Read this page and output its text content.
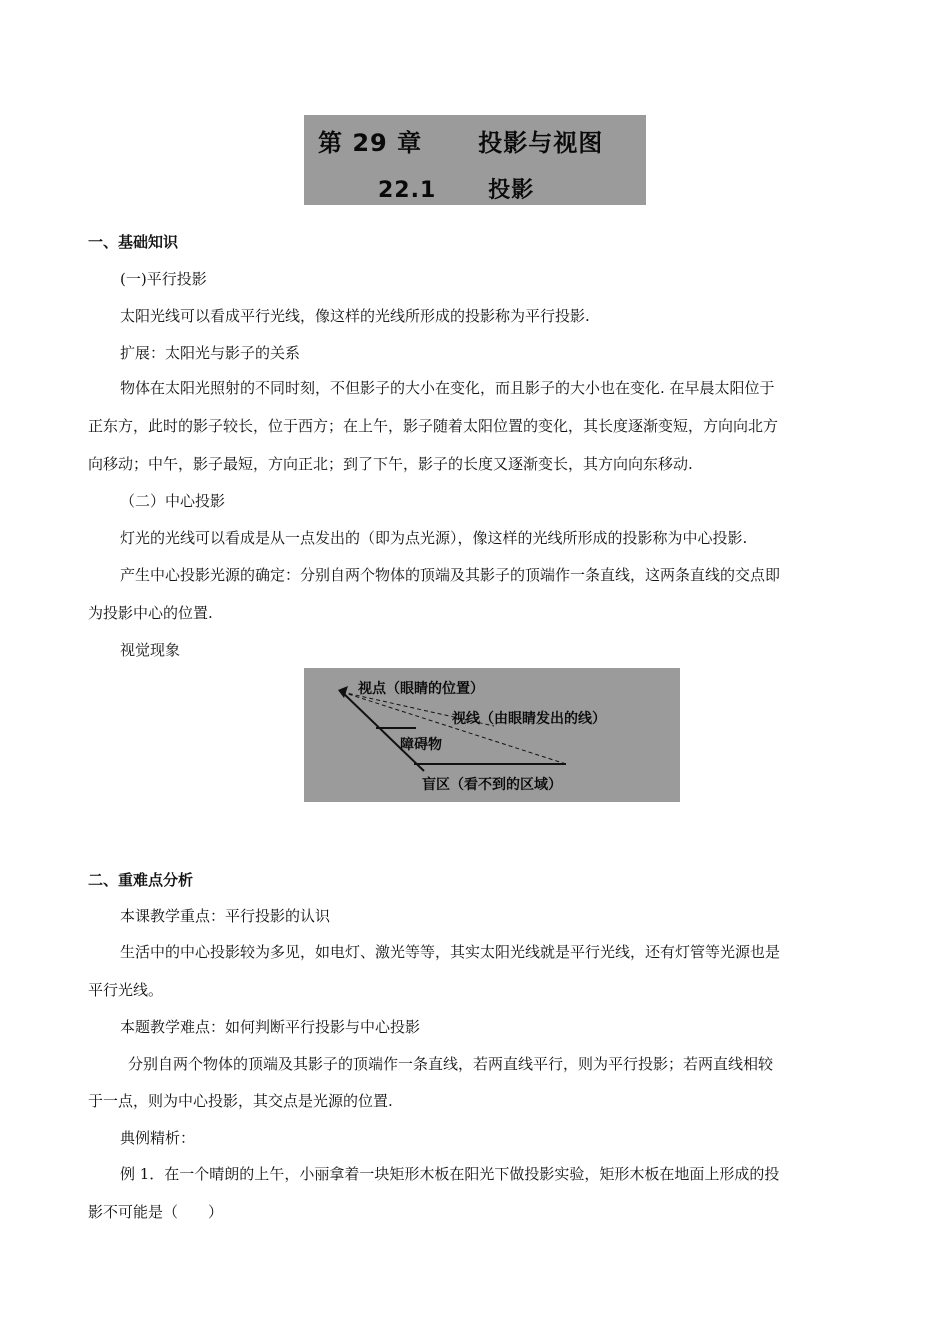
第 29 章      投影与视图
22.1      投影
一、基础知识
(一)平行投影
太阳光线可以看成平行光线，像这样的光线所形成的投影称为平行投影.
扩展：太阳光与影子的关系
物体在太阳光照射的不同时刻，不但影子的大小在变化，而且影子的大小也在变化. 在早晨太阳位于
正东方，此时的影子较长，位于西方；在上午，影子随着太阳位置的变化，其长度逐渐变短，方向向北方
向移动；中午，影子最短，方向正北；到了下午，影子的长度又逐渐变长，其方向向东移动.
（二）中心投影
灯光的光线可以看成是从一点发出的（即为点光源），像这样的光线所形成的投影称为中心投影.
产生中心投影光源的确定：分别自两个物体的顶端及其影子的顶端作一条直线，这两条直线的交点即
为投影中心的位置.
视觉现象
视点（眼睛的位置）
视线（由眼睛发出的线）
障碍物
盲区（看不到的区域）
二、重难点分析
本课教学重点：平行投影的认识
生活中的中心投影较为多见，如电灯、激光等等，其实太阳光线就是平行光线，还有灯管等光源也是
平行光线。
本题教学难点：如何判断平行投影与中心投影
分别自两个物体的顶端及其影子的顶端作一条直线，若两直线平行，则为平行投影；若两直线相较
于一点，则为中心投影，其交点是光源的位置.
典例精析：
例 1．在一个晴朗的上午，小丽拿着一块矩形木板在阳光下做投影实验，矩形木板在地面上形成的投
影不可能是（　　）
